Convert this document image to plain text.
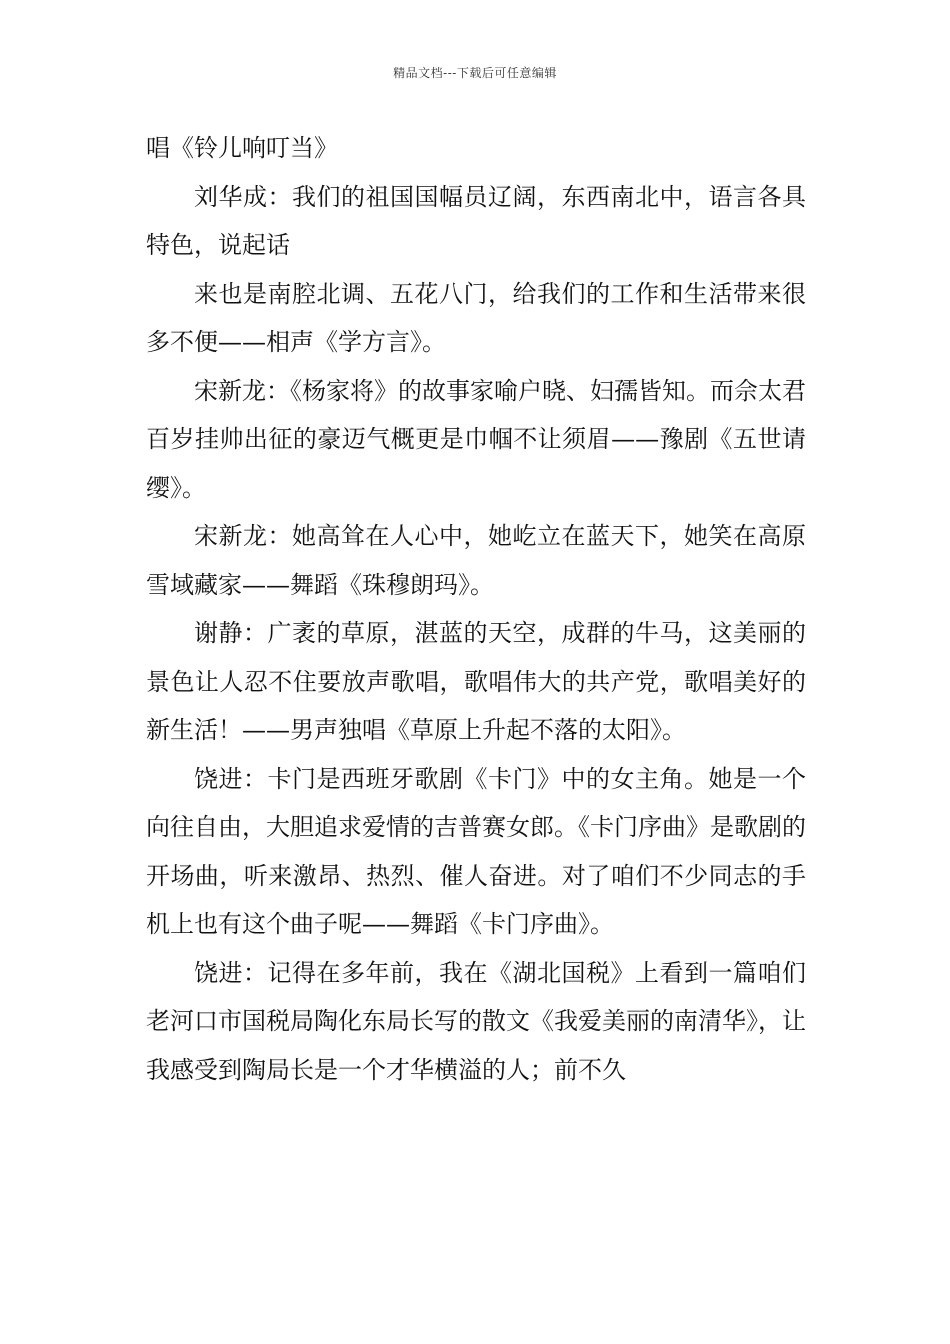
精品文档---下载后可任意编辑

唱《铃儿响叮当》

刘华成：我们的祖国国幅员辽阔，东西南北中，语言各具特色，说起话

来也是南腔北调、五花八门，给我们的工作和生活带来很多不便——相声《学方言》。

宋新龙：《杨家将》的故事家喻户晓、妇孺皆知。而佘太君百岁挂帅出征的豪迈气概更是巾帼不让须眉——豫剧《五世请缨》。

宋新龙：她高耸在人心中，她屹立在蓝天下，她笑在高原雪域藏家——舞蹈《珠穆朗玛》。

谢静：广袤的草原，湛蓝的天空，成群的牛马，这美丽的景色让人忍不住要放声歌唱，歌唱伟大的共产党，歌唱美好的新生活！——男声独唱《草原上升起不落的太阳》。

饶进：卡门是西班牙歌剧《卡门》中的女主角。她是一个向往自由，大胆追求爱情的吉普赛女郎。《卡门序曲》是歌剧的开场曲，听来激昂、热烈、催人奋进。对了咱们不少同志的手机上也有这个曲子呢——舞蹈《卡门序曲》。

饶进：记得在多年前，我在《湖北国税》上看到一篇咱们老河口市国税局陶化东局长写的散文《我爱美丽的南清华》，让我感受到陶局长是一个才华横溢的人；前不久
